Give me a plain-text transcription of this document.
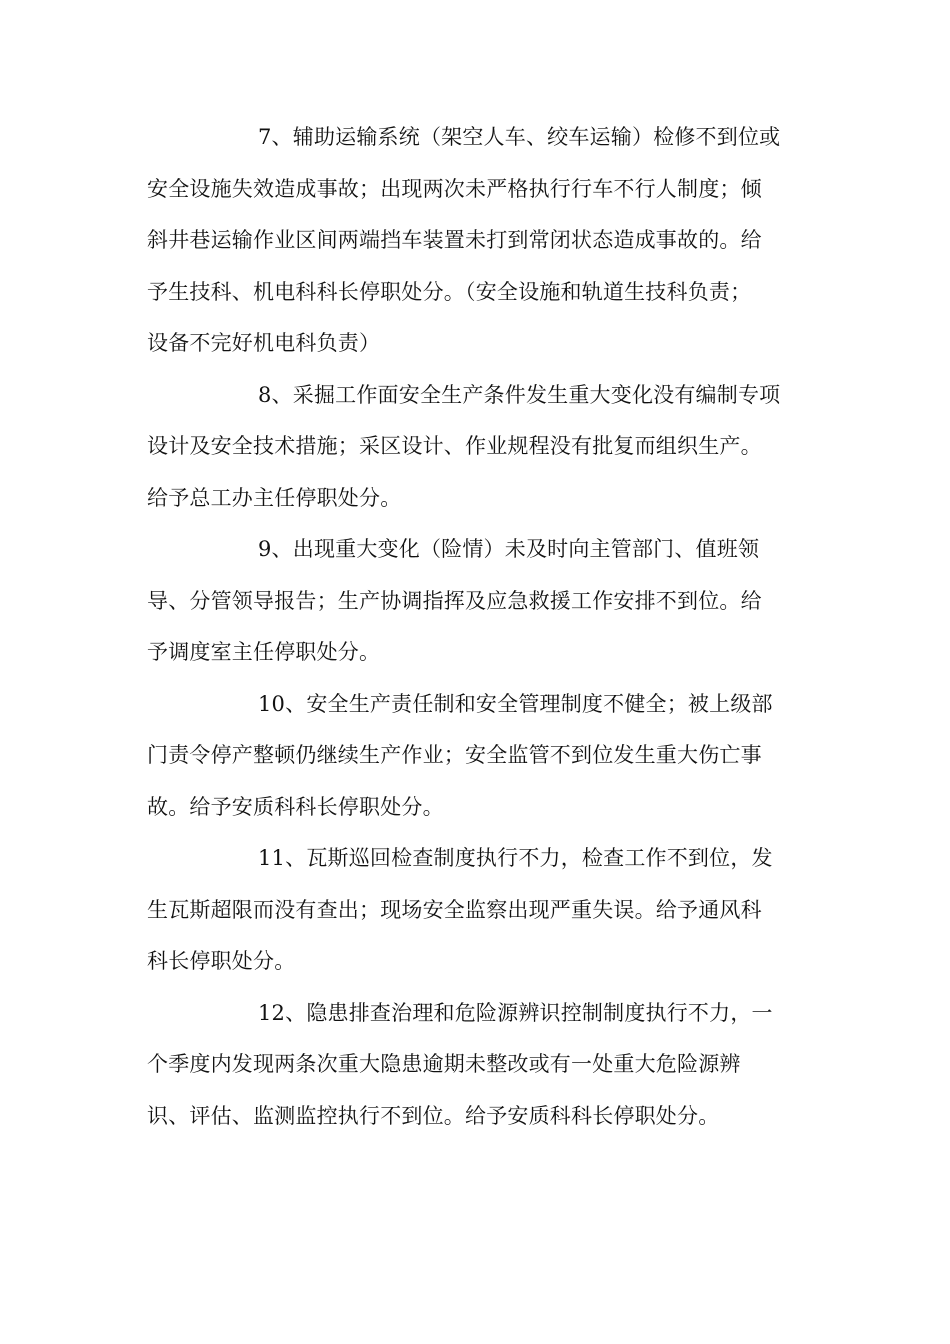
7、辅助运输系统（架空人车、绞车运输）检修不到位或
安全设施失效造成事故；出现两次未严格执行行车不行人制度；倾
斜井巷运输作业区间两端挡车装置未打到常闭状态造成事故的。给
予生技科、机电科科长停职处分。（安全设施和轨道生技科负责；
设备不完好机电科负责）
8、采掘工作面安全生产条件发生重大变化没有编制专项
设计及安全技术措施；采区设计、作业规程没有批复而组织生产。
给予总工办主任停职处分。
9、出现重大变化（险情）未及时向主管部门、值班领
导、分管领导报告；生产协调指挥及应急救援工作安排不到位。给
予调度室主任停职处分。
10、安全生产责任制和安全管理制度不健全；被上级部
门责令停产整顿仍继续生产作业；安全监管不到位发生重大伤亡事
故。给予安质科科长停职处分。
11、瓦斯巡回检查制度执行不力，检查工作不到位，发
生瓦斯超限而没有查出；现场安全监察出现严重失误。给予通风科
科长停职处分。
12、隐患排查治理和危险源辨识控制制度执行不力，一
个季度内发现两条次重大隐患逾期未整改或有一处重大危险源辨
识、评估、监测监控执行不到位。给予安质科科长停职处分。
